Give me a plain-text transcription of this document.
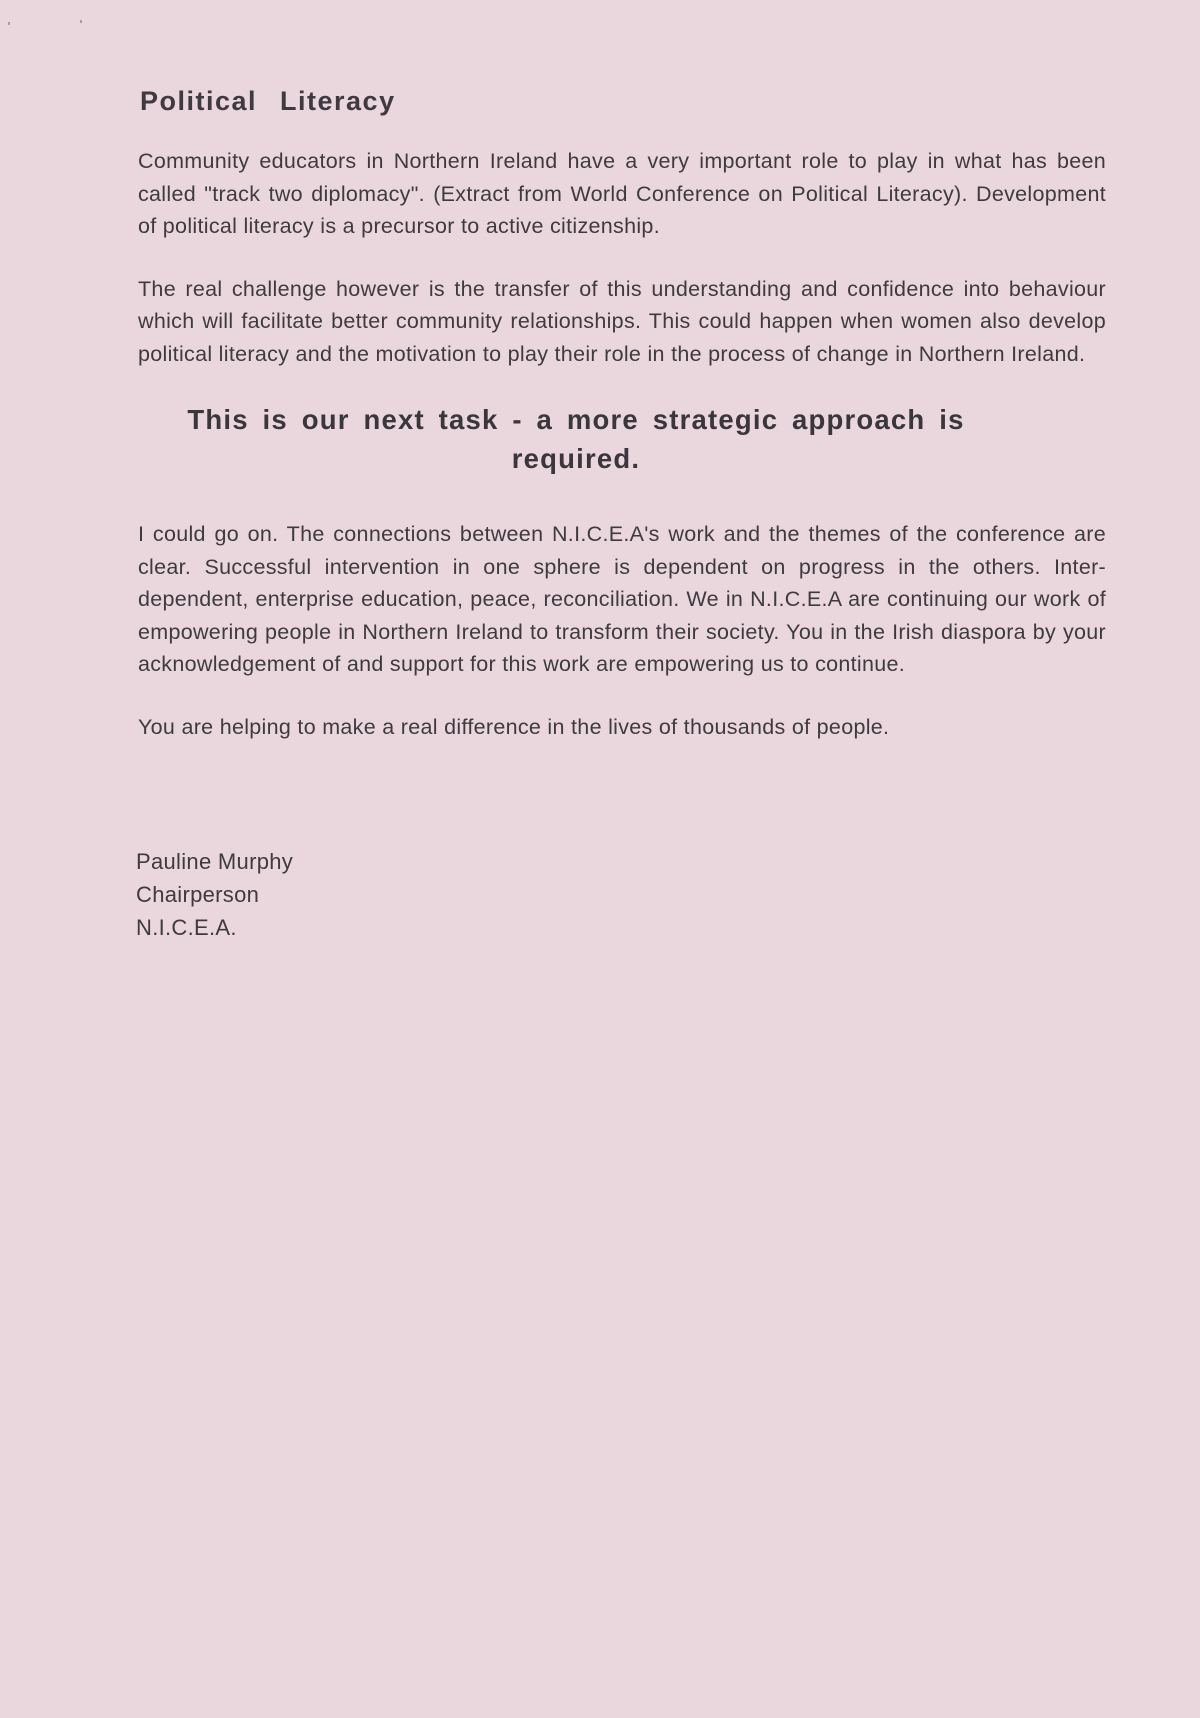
Political Literacy

Community educators in Northern Ireland have a very important role to play in what has been called "track two diplomacy". (Extract from World Conference on Political Literacy). Development of political literacy is a precursor to active citizenship.

The real challenge however is the transfer of this understanding and confidence into behaviour which will facilitate better community relationships. This could happen when women also develop political literacy and the motivation to play their role in the process of change in Northern Ireland.

This is our next task - a more strategic approach is required.

I could go on. The connections between N.I.C.E.A's work and the themes of the conference are clear. Successful intervention in one sphere is dependent on progress in the others. Inter-dependent, enterprise education, peace, reconciliation. We in N.I.C.E.A are continuing our work of empowering people in Northern Ireland to transform their society. You in the Irish diaspora by your acknowledgement of and support for this work are empowering us to continue.

You are helping to make a real difference in the lives of thousands of people.

Pauline Murphy
Chairperson
N.I.C.E.A.
